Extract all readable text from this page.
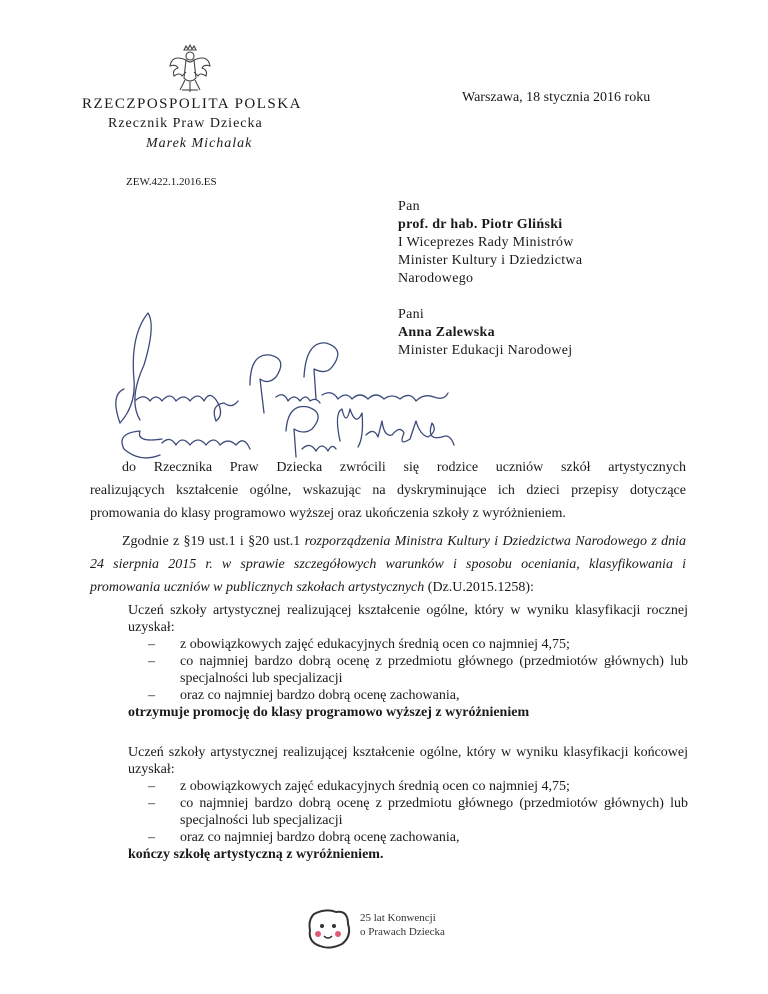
RZECZPOSPOLITA POLSKA
Rzecznik Praw Dziecka
Marek Michalak
Warszawa, 18 stycznia 2016 roku
ZEW.422.1.2016.ES
Pan
prof. dr hab. Piotr Gliński
I Wiceprezes Rady Ministrów
Minister Kultury i Dziedzictwa
Narodowego
Pani
Anna Zalewska
Minister Edukacji Narodowej
do Rzecznika Praw Dziecka zwrócili się rodzice uczniów szkół artystycznych realizujących kształcenie ogólne, wskazując na dyskryminujące ich dzieci przepisy dotyczące promowania do klasy programowo wyższej oraz ukończenia szkoły z wyróżnieniem.
Zgodnie z §19 ust.1 i §20 ust.1 rozporządzenia Ministra Kultury i Dziedzictwa Narodowego z dnia 24 sierpnia 2015 r. w sprawie szczegółowych warunków i sposobu oceniania, klasyfikowania i promowania uczniów w publicznych szkołach artystycznych (Dz.U.2015.1258):
Uczeń szkoły artystycznej realizującej kształcenie ogólne, który w wyniku klasyfikacji rocznej uzyskał:
– z obowiązkowych zajęć edukacyjnych średnią ocen co najmniej 4,75;
– co najmniej bardzo dobrą ocenę z przedmiotu głównego (przedmiotów głównych) lub specjalności lub specjalizacji
– oraz co najmniej bardzo dobrą ocenę zachowania,
otrzymuje promocję do klasy programowo wyższej z wyróżnieniem
Uczeń szkoły artystycznej realizującej kształcenie ogólne, który w wyniku klasyfikacji końcowej uzyskał:
– z obowiązkowych zajęć edukacyjnych średnią ocen co najmniej 4,75;
– co najmniej bardzo dobrą ocenę z przedmiotu głównego (przedmiotów głównych) lub specjalności lub specjalizacji
– oraz co najmniej bardzo dobrą ocenę zachowania,
kończy szkołę artystyczną z wyróżnieniem.
25 lat Konwencji
o Prawach Dziecka
